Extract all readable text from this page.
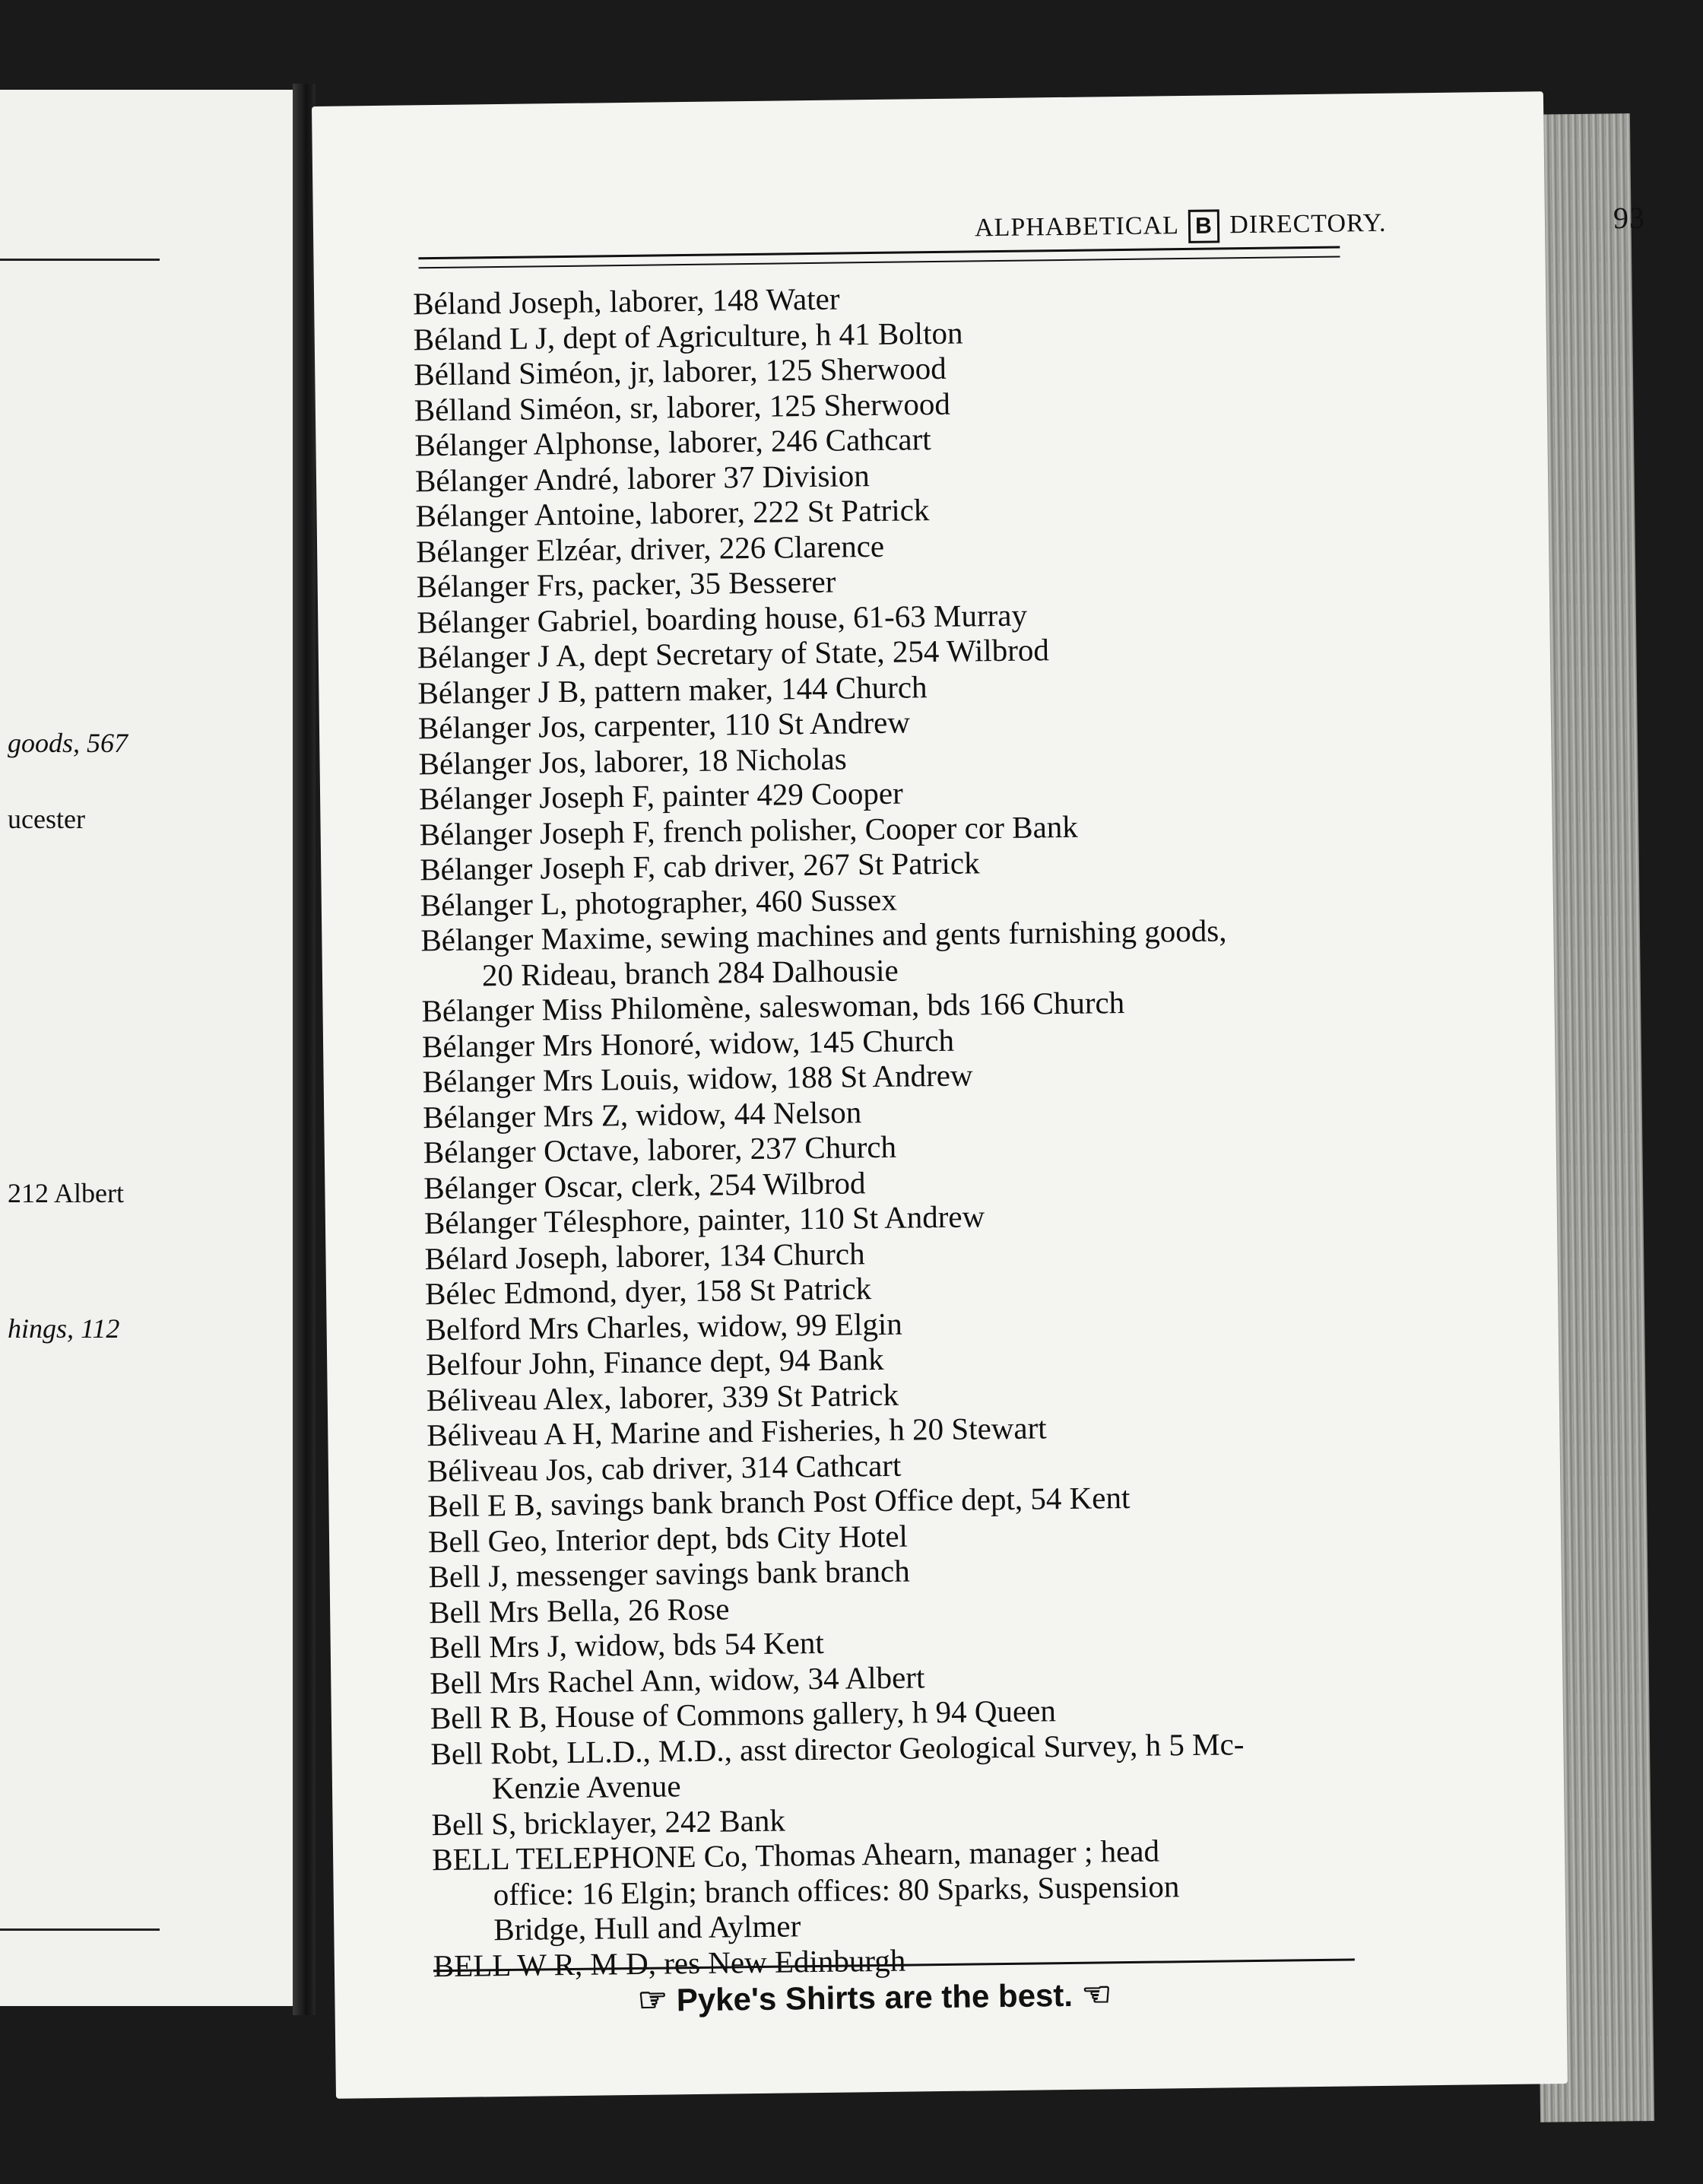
goods, 567
ucester
212 Albert
hings, 112
ALPHABETICAL B DIRECTORY.	93
Béland Joseph, laborer, 148 Water
Béland L J, dept of Agriculture, h 41 Bolton
Bélland Siméon, jr, laborer, 125 Sherwood
Bélland Siméon, sr, laborer, 125 Sherwood
Bélanger Alphonse, laborer, 246 Cathcart
Bélanger André, laborer 37 Division
Bélanger Antoine, laborer, 222 St Patrick
Bélanger Elzéar, driver, 226 Clarence
Bélanger Frs, packer, 35 Besserer
Bélanger Gabriel, boarding house, 61-63 Murray
Bélanger J A, dept Secretary of State, 254 Wilbrod
Bélanger J B, pattern maker, 144 Church
Bélanger Jos, carpenter, 110 St Andrew
Bélanger Jos, laborer, 18 Nicholas
Bélanger Joseph F, painter 429 Cooper
Bélanger Joseph F, french polisher, Cooper cor Bank
Bélanger Joseph F, cab driver, 267 St Patrick
Bélanger L, photographer, 460 Sussex
Bélanger Maxime, sewing machines and gents furnishing goods,
20 Rideau, branch 284 Dalhousie
Bélanger Miss Philomène, saleswoman, bds 166 Church
Bélanger Mrs Honoré, widow, 145 Church
Bélanger Mrs Louis, widow, 188 St Andrew
Bélanger Mrs Z, widow, 44 Nelson
Bélanger Octave, laborer, 237 Church
Bélanger Oscar, clerk, 254 Wilbrod
Bélanger Télesphore, painter, 110 St Andrew
Bélard Joseph, laborer, 134 Church
Bélec Edmond, dyer, 158 St Patrick
Belford Mrs Charles, widow, 99 Elgin
Belfour John, Finance dept, 94 Bank
Béliveau Alex, laborer, 339 St Patrick
Béliveau A H, Marine and Fisheries, h 20 Stewart
Béliveau Jos, cab driver, 314 Cathcart
Bell E B, savings bank branch Post Office dept, 54 Kent
Bell Geo, Interior dept, bds City Hotel
Bell J, messenger savings bank branch
Bell Mrs Bella, 26 Rose
Bell Mrs J, widow, bds 54 Kent
Bell Mrs Rachel Ann, widow, 34 Albert
Bell R B, House of Commons gallery, h 94 Queen
Bell Robt, LL.D., M.D., asst director Geological Survey, h 5 Mc-
Kenzie Avenue
Bell S, bricklayer, 242 Bank
BELL TELEPHONE Co, Thomas Ahearn, manager ; head
office: 16 Elgin; branch offices: 80 Sparks, Suspension
Bridge, Hull and Aylmer
BELL W R, M D, res New Edinburgh
☞ Pyke's Shirts are the best. ☜
